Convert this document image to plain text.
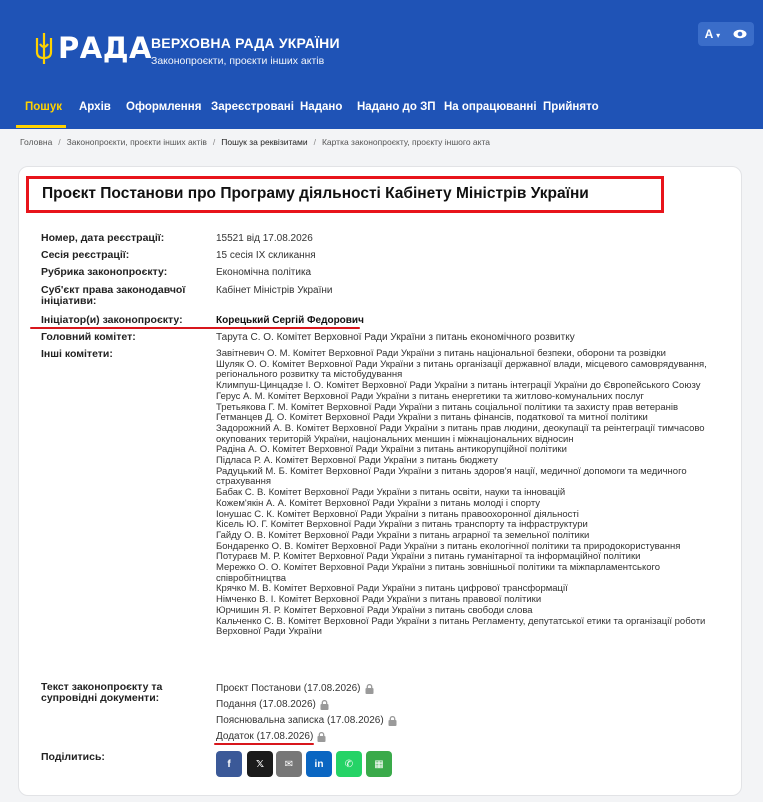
РАДА ВЕРХОВНА РАДА УКРАЇНИ
Законопроєкти, проєкти інших актів
A ▾
Пошук Архів Оформлення Зареєстровані Надано Надано до ЗП На опрацюванні Прийнято
Головна / Законопроєкти, проєкти інших актів / Пошук за реквізитами / Картка законопроєкту, проєкту іншого акта
Проєкт Постанови про Програму діяльності Кабінету Міністрів України
Номер, дата реєстрації:	15521 від 17.08.2026
Сесія реєстрації:	15 сесія IX скликання
Рубрика законопроєкту:	Економічна політика
Суб'єкт права законодавчої
ініціативи:
Кабінет Міністрів України
Ініціатор(и) законопроєкту:	Корецький Сергій Федорович
Головний комітет:	Тарута С. О. Комітет Верховної Ради України з питань економічного розвитку
Інші комітети:	Завітневич О. М. Комітет Верховної Ради України з питань національної безпеки, оборони та розвідки
Шуляк О. О. Комітет Верховної Ради України з питань організації державної влади, місцевого самоврядування, регіонального розвитку та містобудування
Климпуш-Цинцадзе І. О. Комітет Верховної Ради України з питань інтеграції України до Європейського Союзу
Герус А. М. Комітет Верховної Ради України з питань енергетики та житлово-комунальних послуг
Третьякова Г. М. Комітет Верховної Ради України з питань соціальної політики та захисту прав ветеранів
Гетманцев Д. О. Комітет Верховної Ради України з питань фінансів, податкової та митної політики
Задорожний А. В. Комітет Верховної Ради України з питань прав людини, деокупації та реінтеграції тимчасово окупованих територій України, національних меншин і міжнаціональних відносин
Радіна А. О. Комітет Верховної Ради України з питань антикорупційної політики
Підласа Р. А. Комітет Верховної Ради України з питань бюджету
Радуцький М. Б. Комітет Верховної Ради України з питань здоров'я нації, медичної допомоги та медичного страхування
Бабак С. В. Комітет Верховної Ради України з питань освіти, науки та інновацій
Кожем'якін А. А. Комітет Верховної Ради України з питань молоді і спорту
Іонушас С. К. Комітет Верховної Ради України з питань правоохоронної діяльності
Кісель Ю. Г. Комітет Верховної Ради України з питань транспорту та інфраструктури
Гайду О. В. Комітет Верховної Ради України з питань аграрної та земельної політики
Бондаренко О. В. Комітет Верховної Ради України з питань екологічної політики та природокористування
Потураєв М. Р. Комітет Верховної Ради України з питань гуманітарної та інформаційної політики
Мережко О. О. Комітет Верховної Ради України з питань зовнішньої політики та міжпарламентського співробітництва
Крячко М. В. Комітет Верховної Ради України з питань цифрової трансформації
Німченко В. І. Комітет Верховної Ради України з питань правової політики
Юрчишин Я. Р. Комітет Верховної Ради України з питань свободи слова
Кальченко С. В. Комітет Верховної Ради України з питань Регламенту, депутатської етики та організації роботи Верховної Ради України
Текст законопроєкту та
супровідні документи:
Проєкт Постанови (17.08.2026)
Подання (17.08.2026)
Пояснювальна записка (17.08.2026)
Додаток (17.08.2026)
Поділитись:
f	𝕏	✉	in	✆	▦
